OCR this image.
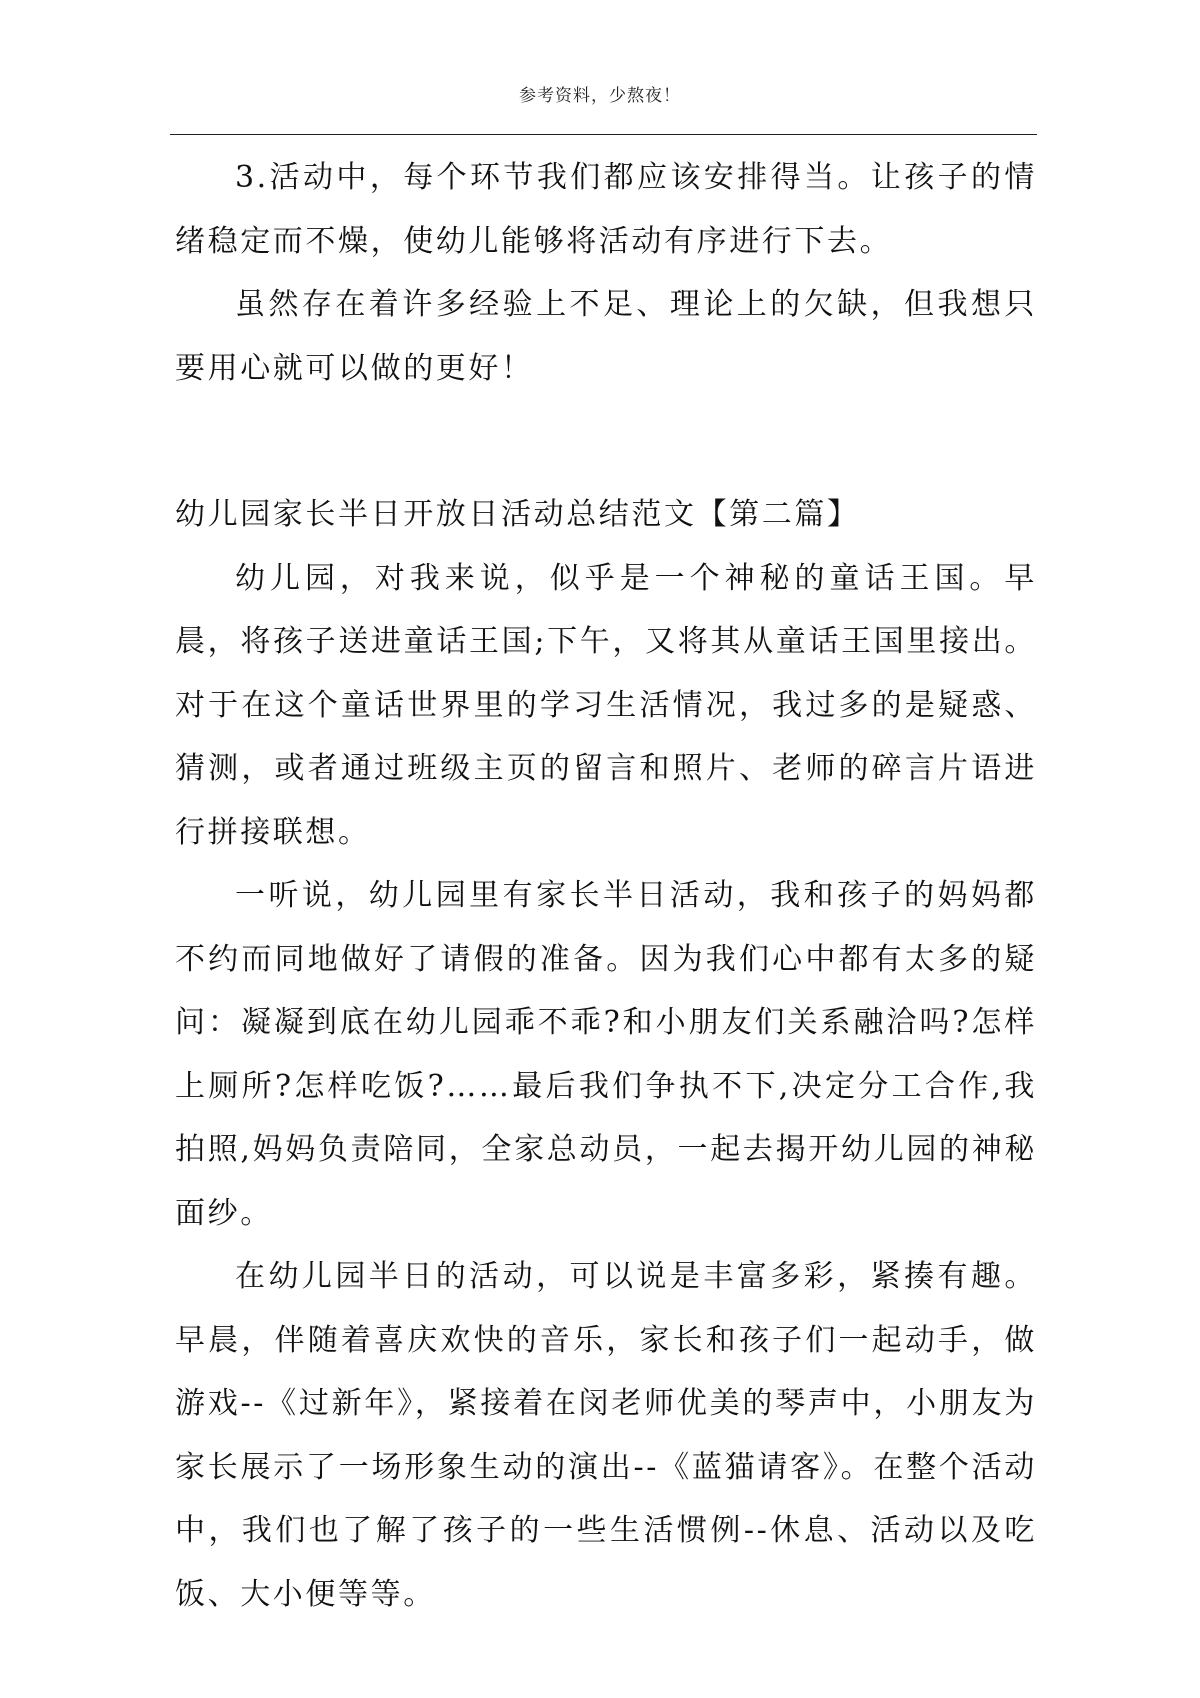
参考资料，少熬夜！

3.活动中，每个环节我们都应该安排得当。让孩子的情绪稳定而不燥，使幼儿能够将活动有序进行下去。

虽然存在着许多经验上不足、理论上的欠缺，但我想只要用心就可以做的更好！

幼儿园家长半日开放日活动总结范文【第二篇】

幼儿园，对我来说，似乎是一个神秘的童话王国。早晨，将孩子送进童话王国;下午，又将其从童话王国里接出。对于在这个童话世界里的学习生活情况，我过多的是疑惑、猜测，或者通过班级主页的留言和照片、老师的碎言片语进行拼接联想。

一听说，幼儿园里有家长半日活动，我和孩子的妈妈都不约而同地做好了请假的准备。因为我们心中都有太多的疑问：凝凝到底在幼儿园乖不乖?和小朋友们关系融洽吗?怎样上厕所?怎样吃饭?……最后我们争执不下,决定分工合作,我拍照,妈妈负责陪同，全家总动员，一起去揭开幼儿园的神秘面纱。

在幼儿园半日的活动，可以说是丰富多彩，紧揍有趣。早晨，伴随着喜庆欢快的音乐，家长和孩子们一起动手，做游戏--《过新年》，紧接着在闵老师优美的琴声中，小朋友为家长展示了一场形象生动的演出--《蓝猫请客》。在整个活动中，我们也了解了孩子的一些生活惯例--休息、活动以及吃饭、大小便等等。
